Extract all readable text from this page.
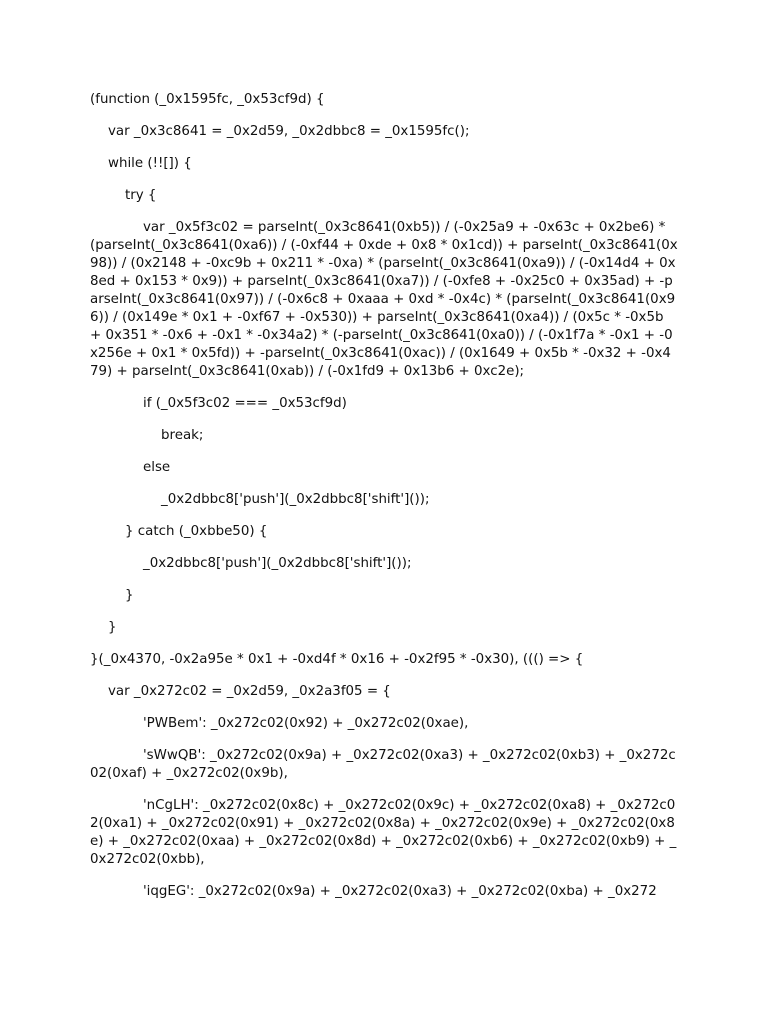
(function (_0x1595fc, _0x53cf9d) {
var _0x3c8641 = _0x2d59, _0x2dbbc8 = _0x1595fc();
while (!![]) {
try {
var _0x5f3c02 = parseInt(_0x3c8641(0xb5)) / (-0x25a9 + -0x63c + 0x2be6) * (parseInt(_0x3c8641(0xa6)) / (-0xf44 + 0xde + 0x8 * 0x1cd)) + parseInt(_0x3c8641(0x98)) / (0x2148 + -0xc9b + 0x211 * -0xa) * (parseInt(_0x3c8641(0xa9)) / (-0x14d4 + 0x8ed + 0x153 * 0x9)) + parseInt(_0x3c8641(0xa7)) / (-0xfe8 + -0x25c0 + 0x35ad) + -parseInt(_0x3c8641(0x97)) / (-0x6c8 + 0xaaa + 0xd * -0x4c) * (parseInt(_0x3c8641(0x96)) / (0x149e * 0x1 + -0xf67 + -0x530)) + parseInt(_0x3c8641(0xa4)) / (0x5c * -0x5b + 0x351 * -0x6 + -0x1 * -0x34a2) * (-parseInt(_0x3c8641(0xa0)) / (-0x1f7a * -0x1 + -0x256e + 0x1 * 0x5fd)) + -parseInt(_0x3c8641(0xac)) / (0x1649 + 0x5b * -0x32 + -0x479) + parseInt(_0x3c8641(0xab)) / (-0x1fd9 + 0x13b6 + 0xc2e);
if (_0x5f3c02 === _0x53cf9d)
break;
else
_0x2dbbc8['push'](_0x2dbbc8['shift']());
} catch (_0xbbe50) {
_0x2dbbc8['push'](_0x2dbbc8['shift']());
}
}
}(_0x4370, -0x2a95e * 0x1 + -0xd4f * 0x16 + -0x2f95 * -0x30), ((() => {
var _0x272c02 = _0x2d59, _0x2a3f05 = {
'PWBem': _0x272c02(0x92) + _0x272c02(0xae),
'sWwQB': _0x272c02(0x9a) + _0x272c02(0xa3) + _0x272c02(0xb3) + _0x272c02(0xaf) + _0x272c02(0x9b),
'nCgLH': _0x272c02(0x8c) + _0x272c02(0x9c) + _0x272c02(0xa8) + _0x272c02(0xa1) + _0x272c02(0x91) + _0x272c02(0x8a) + _0x272c02(0x9e) + _0x272c02(0x8e) + _0x272c02(0xaa) + _0x272c02(0x8d) + _0x272c02(0xb6) + _0x272c02(0xb9) + _0x272c02(0xbb),
'iqgEG': _0x272c02(0x9a) + _0x272c02(0xa3) + _0x272c02(0xba) + _0x272
